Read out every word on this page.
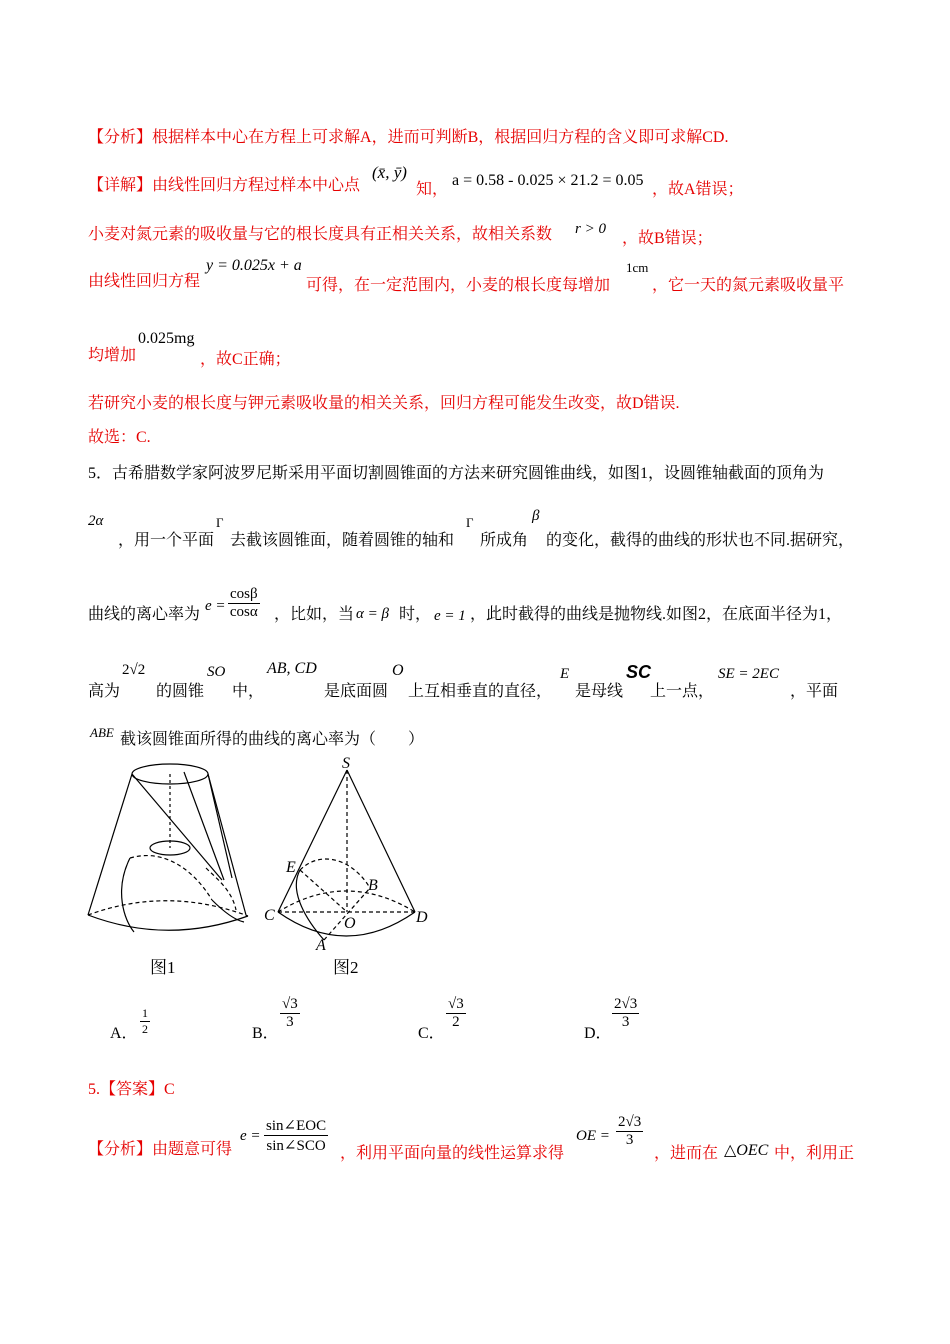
【分析】根据样本中心在方程上可求解A，进而可判断B，根据回归方程的含义即可求解CD.
【详解】由线性回归方程过样本中心点
(x̄, ȳ)
知，
a = 0.58 - 0.025 × 21.2 = 0.05
，故A错误；
小麦对氮元素的吸收量与它的根长度具有正相关关系，故相关系数 r > 0
，故B错误；
由线性回归方程
y = 0.025x + a
可得，在一定范围内，小麦的根长度每增加
1cm
，它一天的氮元素吸收量平
均增加
0.025mg
，故C正确；
若研究小麦的根长度与钾元素吸收量的相关关系，回归方程可能发生改变，故D错误.
故选：C.
5．古希腊数学家阿波罗尼斯采用平面切割圆锥面的方法来研究圆锥曲线，如图1，设圆锥轴截面的顶角为
2α
，用一个平面
Γ
去截该圆锥面，随着圆锥的轴和
Γ
所成角
β
的变化，截得的曲线的形状也不同.据研究，
曲线的离心率为 $e = \frac{\cos\beta}{\cos\alpha}$ ，比如，当 α = β 时， e = 1 ，此时截得的曲线是抛物线.如图2，在底面半径为1，
高为
2√2
的圆锥
SO
中，
AB, CD
是底面圆
O
上互相垂直的直径，
E
是母线
SC
上一点，
SE = 2EC
，平面
ABE 截该圆锥面所得的曲线的离心率为（　　）
图1
S
E
B
C	O	D
A
图2
A． $\frac{1}{2}$	B．
$\frac{√3}{3}$
C．
$\frac{√3}{2}$
D．
$\frac{2√3}{3}$
5.【答案】C
【分析】由题意可得
e =
sin∠EOC
sin∠SCO ，利用平面向量的线性运算求得
OE = $\frac{2√3}{3}$
，进而在 △OEC 中，利用正
